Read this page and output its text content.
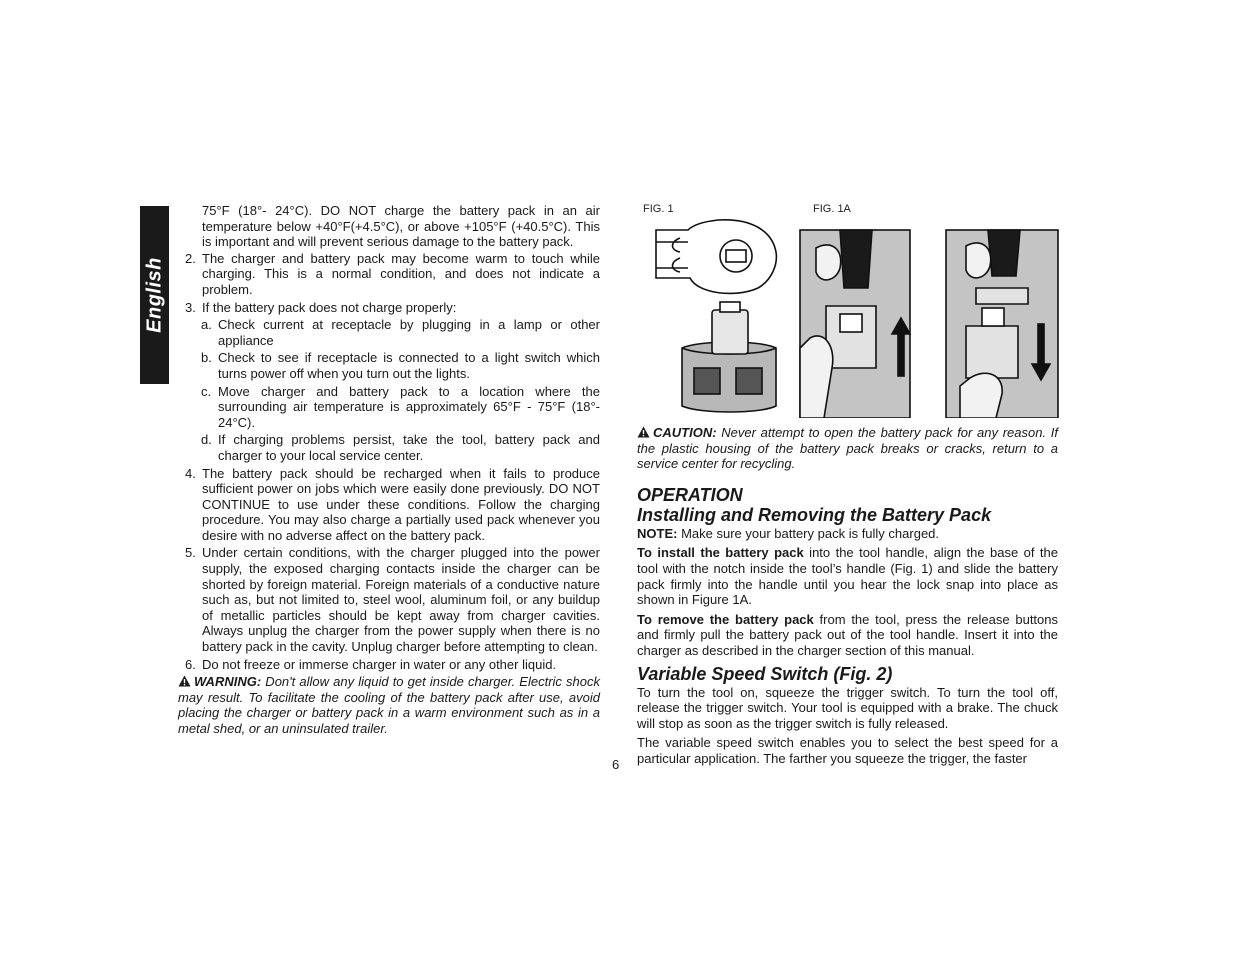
English

75°F (18°- 24°C). DO NOT charge the battery pack in an air temperature below +40°F(+4.5°C), or above +105°F (+40.5°C). This is important and will prevent serious damage to the battery pack.

2. The charger and battery pack may become warm to touch while charging. This is a normal condition, and does not indicate a problem.

3. If the battery pack does not charge properly:

a. Check current at receptacle by plugging in a lamp or other appliance

b. Check to see if receptacle is connected to a light switch which turns power off when you turn out the lights.

c. Move charger and battery pack to a location where the surrounding air temperature is approximately 65°F - 75°F (18°- 24°C).

d. If charging problems persist, take the tool, battery pack and charger to your local service center.

4. The battery pack should be recharged when it fails to produce sufficient power on jobs which were easily done previously. DO NOT CONTINUE to use under these conditions. Follow the charging procedure. You may also charge a partially used pack whenever you desire with no adverse affect on the battery pack.

5. Under certain conditions, with the charger plugged into the power supply, the exposed charging contacts inside the charger can be shorted by foreign material. Foreign materials of a conductive nature such as, but not limited to, steel wool, aluminum foil, or any buildup of metallic particles should be kept away from charger cavities. Always unplug the charger from the power supply when there is no battery pack in the cavity. Unplug charger before attempting to clean.

6. Do not freeze or immerse charger in water or any other liquid.

WARNING: Don't allow any liquid to get inside charger. Electric shock may result. To facilitate the cooling of the battery pack after use, avoid placing the charger or battery pack in a warm environment such as in a metal shed, or an uninsulated trailer.

FIG. 1	FIG. 1A

CAUTION: Never attempt to open the battery pack for any reason. If the plastic housing of the battery pack breaks or cracks, return to a service center for recycling.

OPERATION
Installing and Removing the Battery Pack

NOTE: Make sure your battery pack is fully charged.

To install the battery pack into the tool handle, align the base of the tool with the notch inside the tool’s handle (Fig. 1) and slide the battery pack firmly into the handle until you hear the lock snap into place as shown in Figure 1A.

To remove the battery pack from the tool, press the release buttons and firmly pull the battery pack out of the tool handle. Insert it into the charger as described in the charger section of this manual.

Variable Speed Switch (Fig. 2)

To turn the tool on, squeeze the trigger switch. To turn the tool off, release the trigger switch. Your tool is equipped with a brake. The chuck will stop as soon as the trigger switch is fully released.

The variable speed switch enables you to select the best speed for a particular application. The farther you squeeze the trigger, the faster

6
